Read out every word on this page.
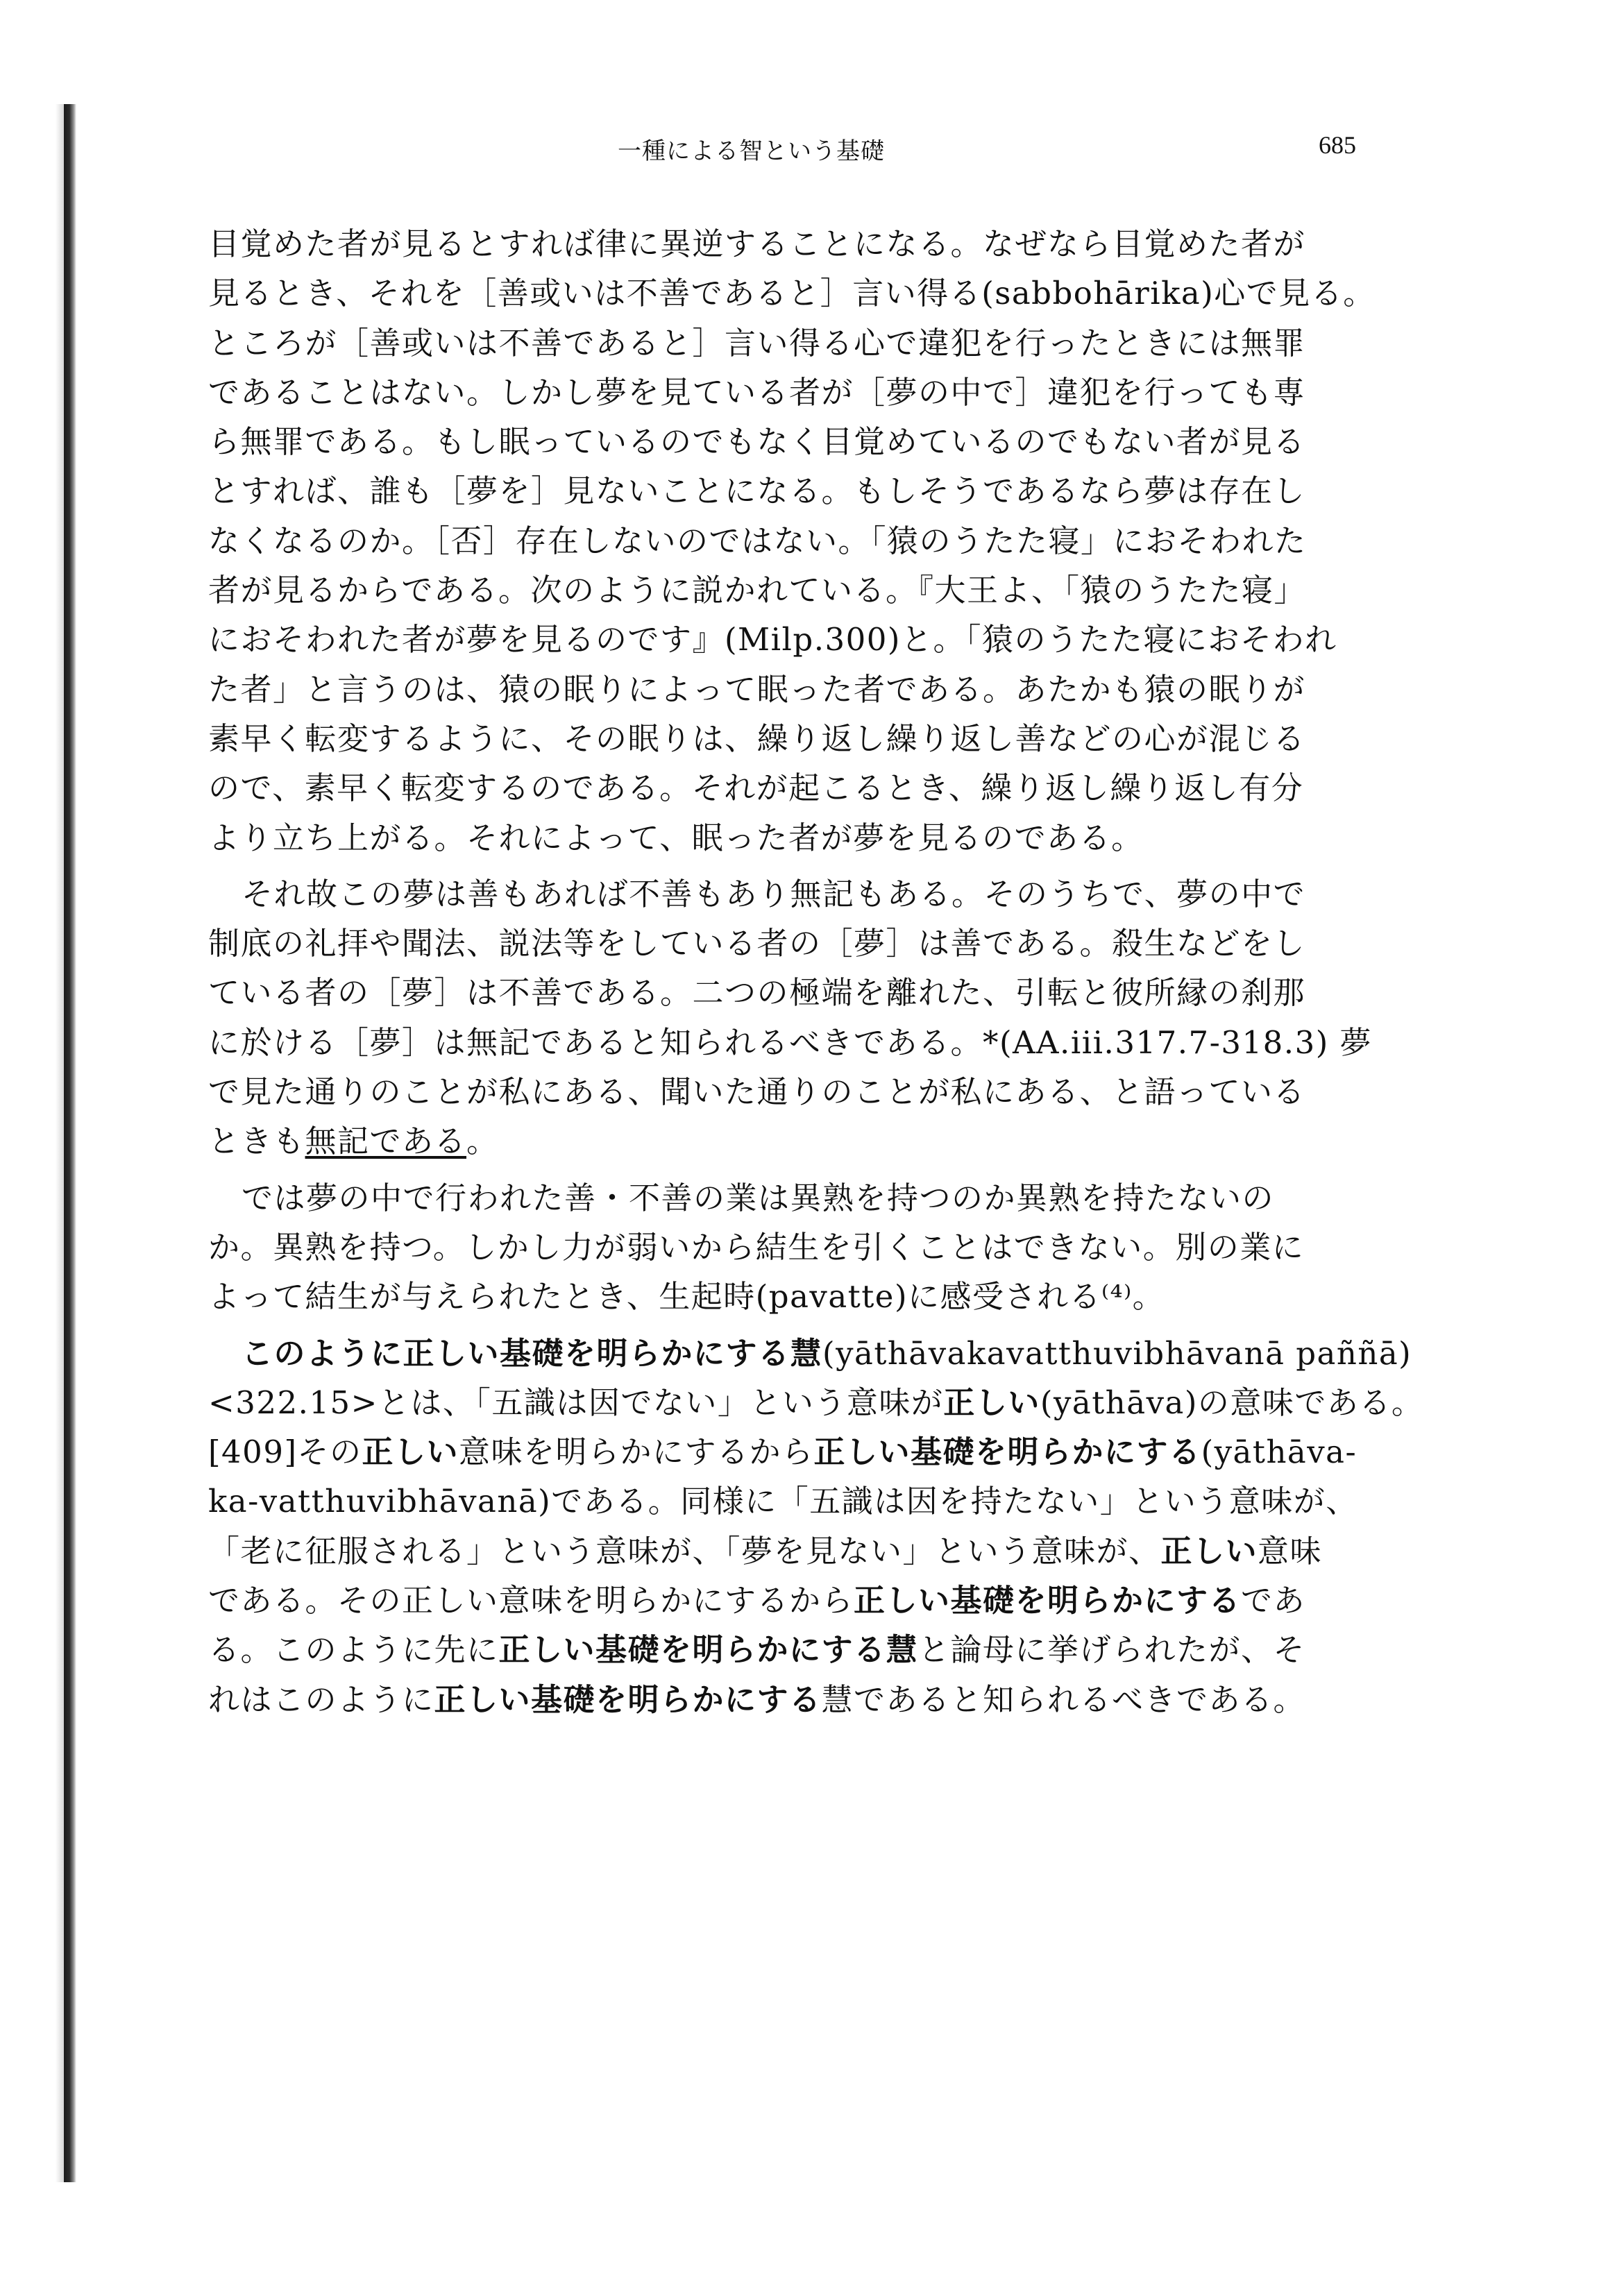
一種による智という基礎	685
目覚めた者が見るとすれば律に異逆することになる。なぜなら目覚めた者が
見るとき、それを［善或いは不善であると］言い得る(sabbohārika)心で見る。
ところが［善或いは不善であると］言い得る心で違犯を行ったときには無罪
であることはない。しかし夢を見ている者が［夢の中で］違犯を行っても専
ら無罪である。もし眠っているのでもなく目覚めているのでもない者が見る
とすれば、誰も［夢を］見ないことになる。もしそうであるなら夢は存在し
なくなるのか。［否］存在しないのではない。「猿のうたた寝」におそわれた
者が見るからである。次のように説かれている。『大王よ、「猿のうたた寝」
におそわれた者が夢を見るのです』(Milp.300)と。「猿のうたた寝におそわれ
た者」と言うのは、猿の眠りによって眠った者である。あたかも猿の眠りが
素早く転変するように、その眠りは、繰り返し繰り返し善などの心が混じる
ので、素早く転変するのである。それが起こるとき、繰り返し繰り返し有分
より立ち上がる。それによって、眠った者が夢を見るのである。
それ故この夢は善もあれば不善もあり無記もある。そのうちで、夢の中で
制底の礼拝や聞法、説法等をしている者の［夢］は善である。殺生などをし
ている者の［夢］は不善である。二つの極端を離れた、引転と彼所縁の刹那
に於ける［夢］は無記であると知られるべきである。*(AA.iii.317.7-318.3) 夢
で見た通りのことが私にある、聞いた通りのことが私にある、と語っている
ときも無記である。
では夢の中で行われた善・不善の業は異熟を持つのか異熟を持たないの
か。異熟を持つ。しかし力が弱いから結生を引くことはできない。別の業に
よって結生が与えられたとき、生起時(pavatte)に感受される⁽⁴⁾。
このように正しい基礎を明らかにする慧(yāthāvakavatthuvibhāvanā paññā)
<322.15>とは、「五識は因でない」という意味が正しい(yāthāva)の意味である。
[409]その正しい意味を明らかにするから正しい基礎を明らかにする(yāthāva-
ka-vatthuvibhāvanā)である。同様に「五識は因を持たない」という意味が、
「老に征服される」という意味が、「夢を見ない」という意味が、正しい意味
である。その正しい意味を明らかにするから正しい基礎を明らかにするであ
る。このように先に正しい基礎を明らかにする慧と論母に挙げられたが、そ
れはこのように正しい基礎を明らかにする慧であると知られるべきである。
